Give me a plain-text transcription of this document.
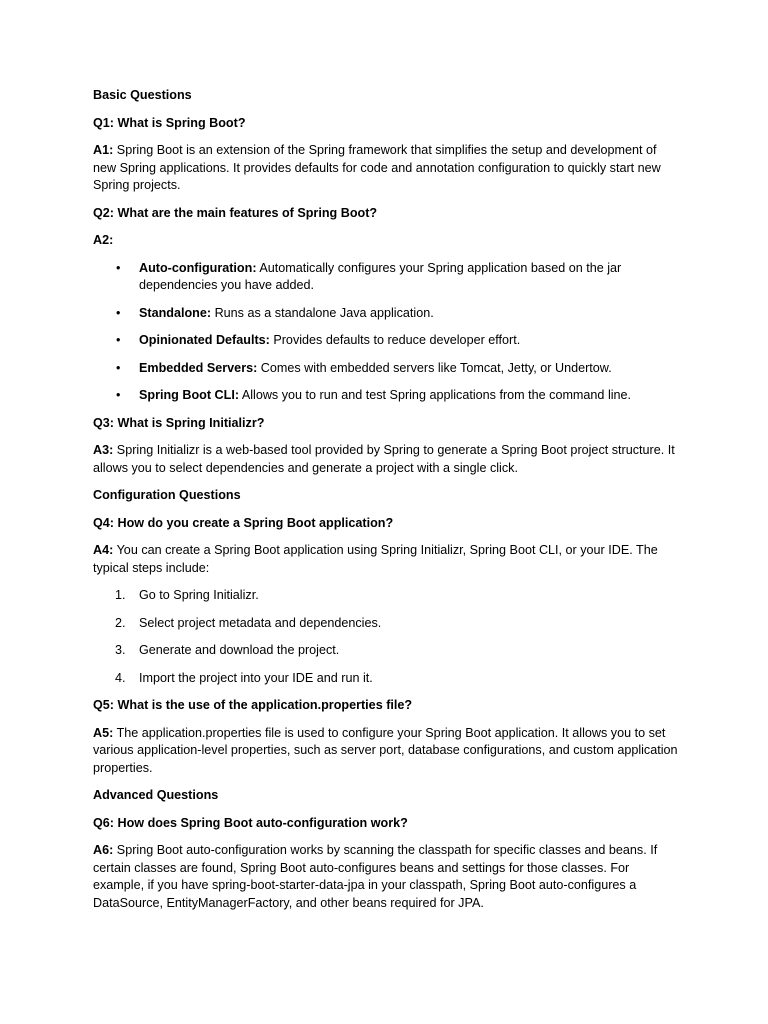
Basic Questions

Q1: What is Spring Boot?

A1: Spring Boot is an extension of the Spring framework that simplifies the setup and development of new Spring applications. It provides defaults for code and annotation configuration to quickly start new Spring projects.

Q2: What are the main features of Spring Boot?

A2:

• Auto-configuration: Automatically configures your Spring application based on the jar dependencies you have added.
• Standalone: Runs as a standalone Java application.
• Opinionated Defaults: Provides defaults to reduce developer effort.
• Embedded Servers: Comes with embedded servers like Tomcat, Jetty, or Undertow.
• Spring Boot CLI: Allows you to run and test Spring applications from the command line.

Q3: What is Spring Initializr?

A3: Spring Initializr is a web-based tool provided by Spring to generate a Spring Boot project structure. It allows you to select dependencies and generate a project with a single click.

Configuration Questions

Q4: How do you create a Spring Boot application?

A4: You can create a Spring Boot application using Spring Initializr, Spring Boot CLI, or your IDE. The typical steps include:

1. Go to Spring Initializr.
2. Select project metadata and dependencies.
3. Generate and download the project.
4. Import the project into your IDE and run it.

Q5: What is the use of the application.properties file?

A5: The application.properties file is used to configure your Spring Boot application. It allows you to set various application-level properties, such as server port, database configurations, and custom application properties.

Advanced Questions

Q6: How does Spring Boot auto-configuration work?

A6: Spring Boot auto-configuration works by scanning the classpath for specific classes and beans. If certain classes are found, Spring Boot auto-configures beans and settings for those classes. For example, if you have spring-boot-starter-data-jpa in your classpath, Spring Boot auto-configures a DataSource, EntityManagerFactory, and other beans required for JPA.
